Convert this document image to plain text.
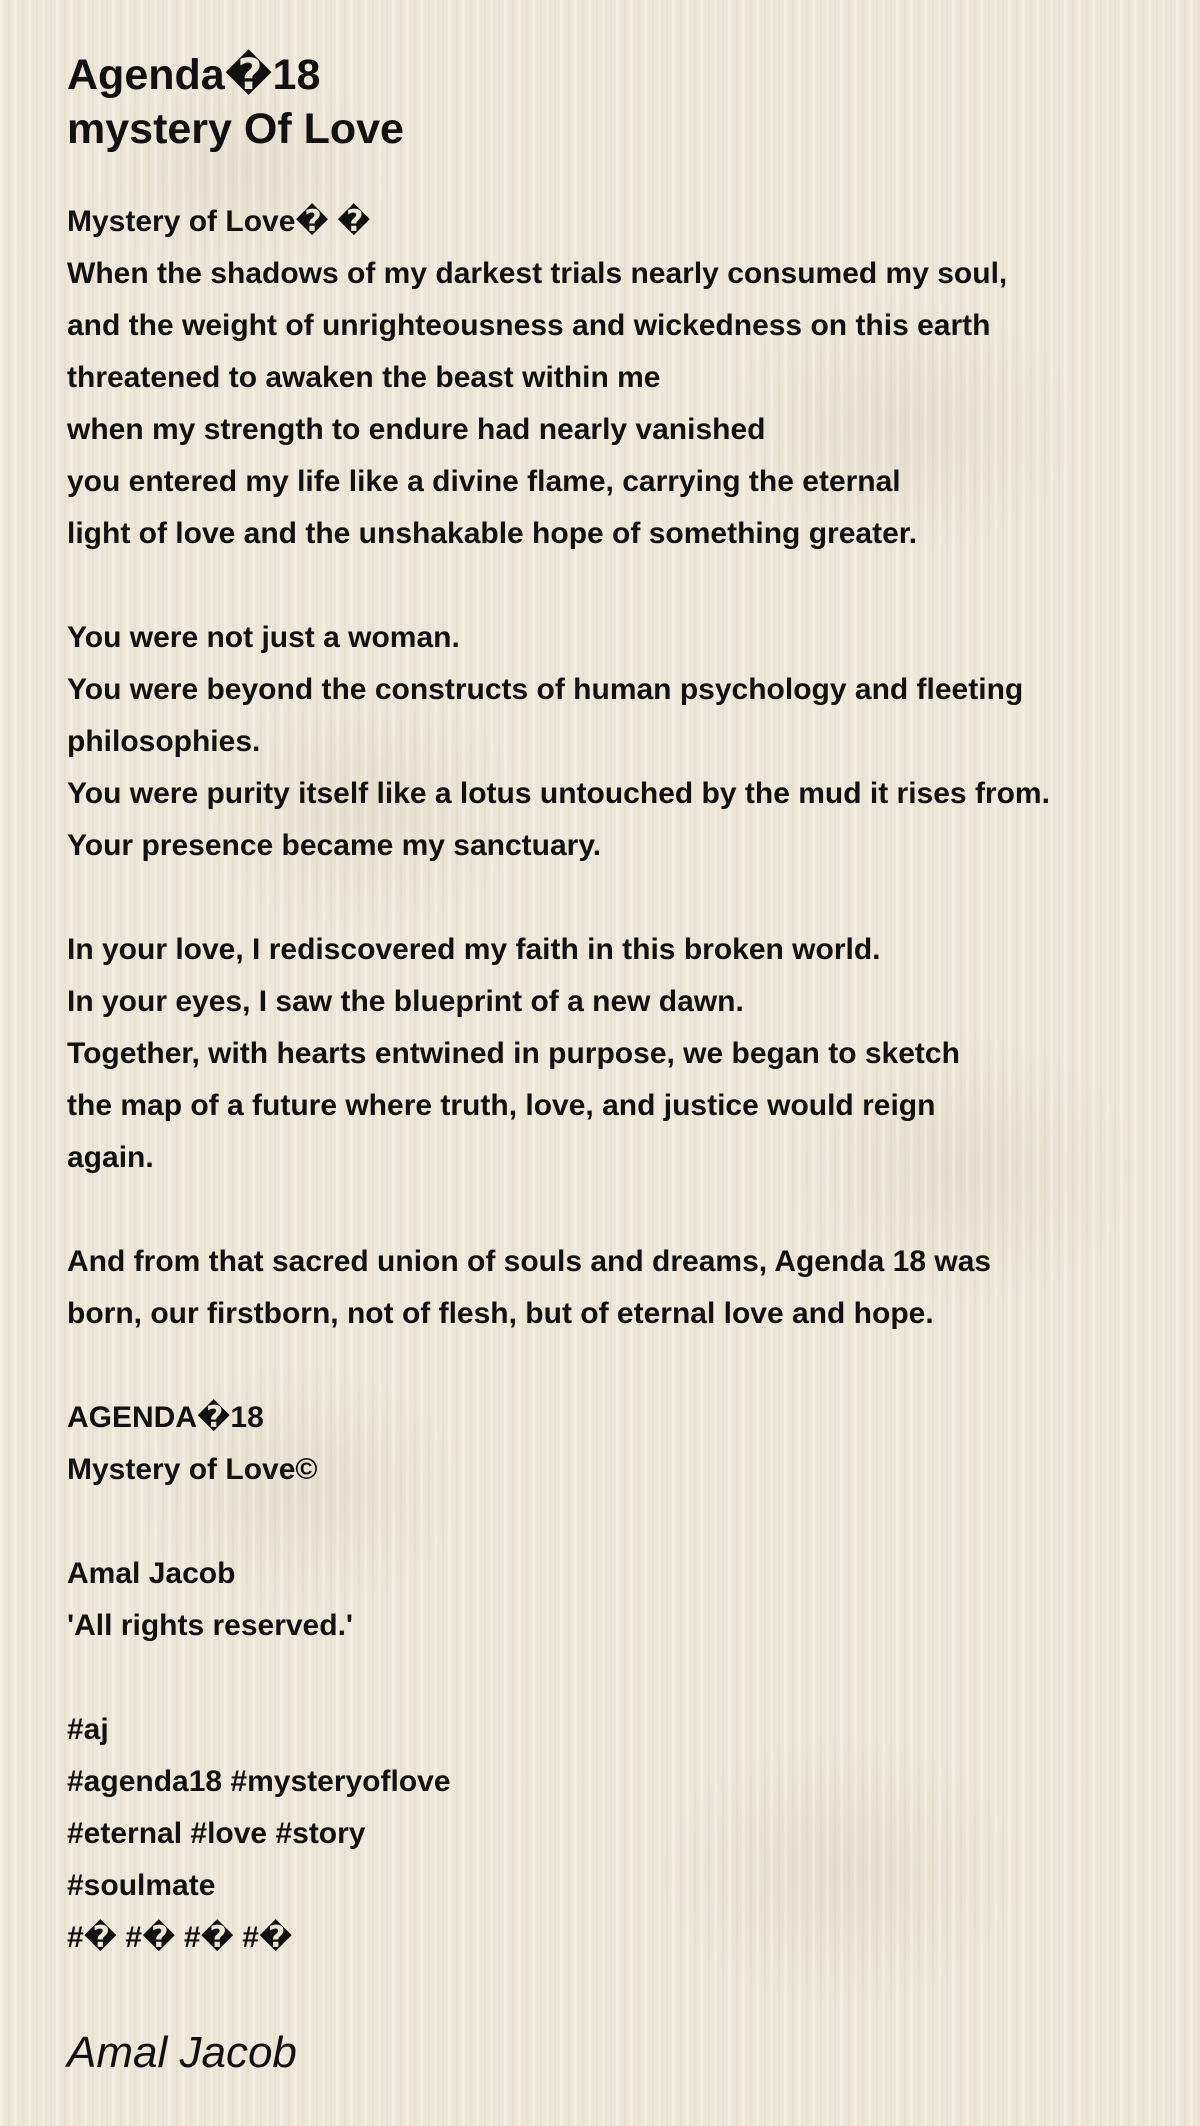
Agenda�18
mystery Of Love
Mystery of Love� �
When the shadows of my darkest trials nearly consumed my soul,
and the weight of unrighteousness and wickedness on this earth
threatened to awaken the beast within me
when my strength to endure had nearly vanished
you entered my life like a divine flame, carrying the eternal
light of love and the unshakable hope of something greater.
You were not just a woman.
You were beyond the constructs of human psychology and fleeting
philosophies.
You were purity itself like a lotus untouched by the mud it rises from.
Your presence became my sanctuary.
In your love, I rediscovered my faith in this broken world.
In your eyes, I saw the blueprint of a new dawn.
Together, with hearts entwined in purpose, we began to sketch
the map of a future where truth, love, and justice would reign
again.
And from that sacred union of souls and dreams, Agenda 18 was
born, our firstborn, not of flesh, but of eternal love and hope.
AGENDA�18
Mystery of Love©
Amal Jacob
'All rights reserved.'
#aj
#agenda18 #mysteryoflove
#eternal #love #story
#soulmate
#� #� #� #�
Amal Jacob
